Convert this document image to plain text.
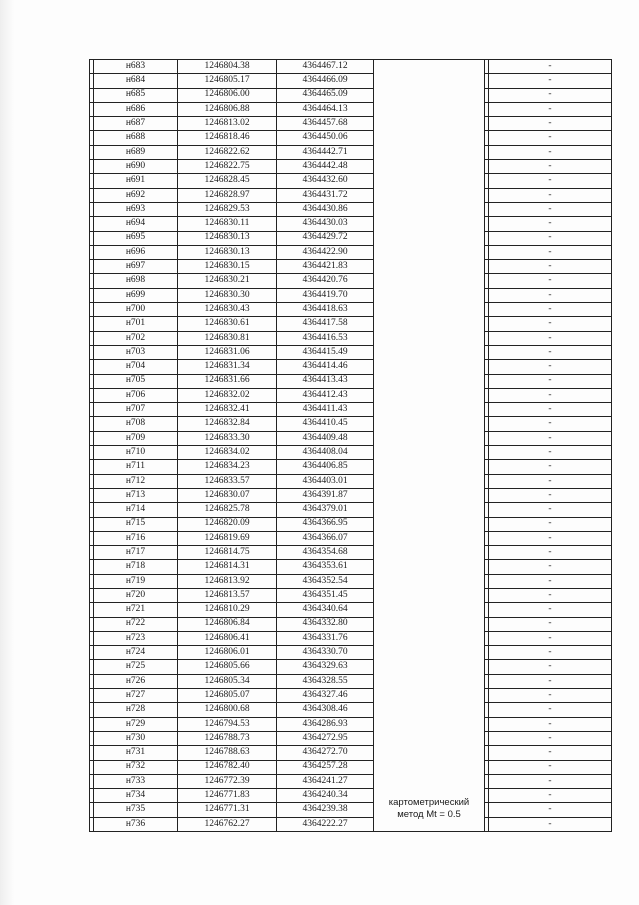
	н683	1246804.38	4364467.12	картометрический
метод Mt = 0.5		-
	н684	1246805.17	4364466.09			-
	н685	1246806.00	4364465.09			-
	н686	1246806.88	4364464.13			-
	н687	1246813.02	4364457.68			-
	н688	1246818.46	4364450.06			-
	н689	1246822.62	4364442.71			-
	н690	1246822.75	4364442.48			-
	н691	1246828.45	4364432.60			-
	н692	1246828.97	4364431.72			-
	н693	1246829.53	4364430.86			-
	н694	1246830.11	4364430.03			-
	н695	1246830.13	4364429.72			-
	н696	1246830.13	4364422.90			-
	н697	1246830.15	4364421.83			-
	н698	1246830.21	4364420.76			-
	н699	1246830.30	4364419.70			-
	н700	1246830.43	4364418.63			-
	н701	1246830.61	4364417.58			-
	н702	1246830.81	4364416.53			-
	н703	1246831.06	4364415.49			-
	н704	1246831.34	4364414.46			-
	н705	1246831.66	4364413.43			-
	н706	1246832.02	4364412.43			-
	н707	1246832.41	4364411.43			-
	н708	1246832.84	4364410.45			-
	н709	1246833.30	4364409.48			-
	н710	1246834.02	4364408.04			-
	н711	1246834.23	4364406.85			-
	н712	1246833.57	4364403.01			-
	н713	1246830.07	4364391.87			-
	н714	1246825.78	4364379.01			-
	н715	1246820.09	4364366.95			-
	н716	1246819.69	4364366.07			-
	н717	1246814.75	4364354.68			-
	н718	1246814.31	4364353.61			-
	н719	1246813.92	4364352.54			-
	н720	1246813.57	4364351.45			-
	н721	1246810.29	4364340.64			-
	н722	1246806.84	4364332.80			-
	н723	1246806.41	4364331.76			-
	н724	1246806.01	4364330.70			-
	н725	1246805.66	4364329.63			-
	н726	1246805.34	4364328.55			-
	н727	1246805.07	4364327.46			-
	н728	1246800.68	4364308.46			-
	н729	1246794.53	4364286.93			-
	н730	1246788.73	4364272.95			-
	н731	1246788.63	4364272.70			-
	н732	1246782.40	4364257.28			-
	н733	1246772.39	4364241.27			-
	н734	1246771.83	4364240.34			-
	н735	1246771.31	4364239.38			-
	н736	1246762.27	4364222.27			-
